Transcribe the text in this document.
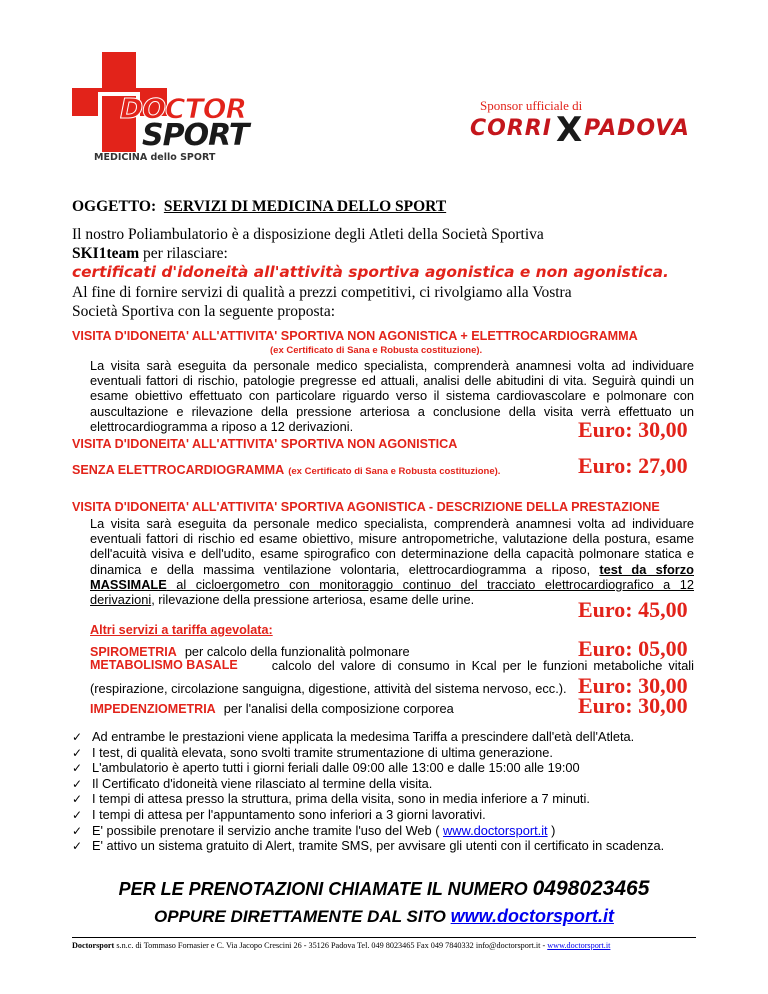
DOCTOR
SPORT
MEDICINA dello SPORT
Sponsor ufficiale di
CORRI X PADOVA
OGGETTO: SERVIZI DI MEDICINA DELLO SPORT
Il nostro Poliambulatorio è a disposizione degli Atleti della Società Sportiva
SKI1team per rilasciare:
certificati d'idoneità all'attività sportiva agonistica e non agonistica.
Al fine di fornire servizi di qualità a prezzi competitivi, ci rivolgiamo alla Vostra
Società Sportiva con la seguente proposta:
VISITA D'IDONEITA' ALL'ATTIVITA' SPORTIVA NON AGONISTICA + ELETTROCARDIOGRAMMA
(ex Certificato di Sana e Robusta costituzione).
La visita sarà eseguita da personale medico specialista, comprenderà anamnesi volta ad individuare eventuali fattori di rischio, patologie pregresse ed attuali, analisi delle abitudini di vita. Seguirà quindi un esame obiettivo effettuato con particolare riguardo verso il sistema cardiovascolare e polmonare con auscultazione e rilevazione della pressione arteriosa a conclusione della visita verrà effettuato un elettrocardiogramma a riposo a 12 derivazioni.	Euro: 30,00
VISITA D'IDONEITA' ALL'ATTIVITA' SPORTIVA NON AGONISTICA
SENZA ELETTROCARDIOGRAMMA (ex Certificato di Sana e Robusta costituzione).	Euro: 27,00
VISITA D'IDONEITA' ALL'ATTIVITA' SPORTIVA AGONISTICA - DESCRIZIONE DELLA PRESTAZIONE
La visita sarà eseguita da personale medico specialista, comprenderà anamnesi volta ad individuare eventuali fattori di rischio ed esame obiettivo, misure antropometriche, valutazione della postura, esame dell'acuità visiva e dell'udito, esame spirografico con determinazione della capacità polmonare statica e dinamica e della massima ventilazione volontaria, elettrocardiogramma a riposo, test da sforzo MASSIMALE al cicloergometro con monitoraggio continuo del tracciato elettrocardiografico a 12 derivazioni, rilevazione della pressione arteriosa, esame delle urine.	Euro: 45,00
Altri servizi a tariffa agevolata:
SPIROMETRIA per calcolo della funzionalità polmonare	Euro: 05,00
METABOLISMO BASALE	calcolo del valore di consumo in Kcal per le funzioni metaboliche vitali
(respirazione, circolazione sanguigna, digestione, attività del sistema nervoso, ecc.). Euro: 30,00
IMPEDENZIOMETRIA per l'analisi della composizione corporea	Euro: 30,00
✓ Ad entrambe le prestazioni viene applicata la medesima Tariffa a prescindere dall'età dell'Atleta.
✓ I test, di qualità elevata, sono svolti tramite strumentazione di ultima generazione.
✓ L'ambulatorio è aperto tutti i giorni feriali dalle 09:00 alle 13:00 e dalle 15:00 alle 19:00
✓ Il Certificato d'idoneità viene rilasciato al termine della visita.
✓ I tempi di attesa presso la struttura, prima della visita, sono in media inferiore a 7 minuti.
✓ I tempi di attesa per l'appuntamento sono inferiori a 3 giorni lavorativi.
✓ E' possibile prenotare il servizio anche tramite l'uso del Web ( www.doctorsport.it )
✓ E' attivo un sistema gratuito di Alert, tramite SMS, per avvisare gli utenti con il certificato in scadenza.
PER LE PRENOTAZIONI CHIAMATE IL NUMERO 0498023465
OPPURE DIRETTAMENTE DAL SITO www.doctorsport.it
Doctorsport s.n.c. di Tommaso Fornasier e C. Via Jacopo Crescini 26 - 35126 Padova Tel. 049 8023465 Fax 049 7840332 info@doctorsport.it - www.doctorsport.it
